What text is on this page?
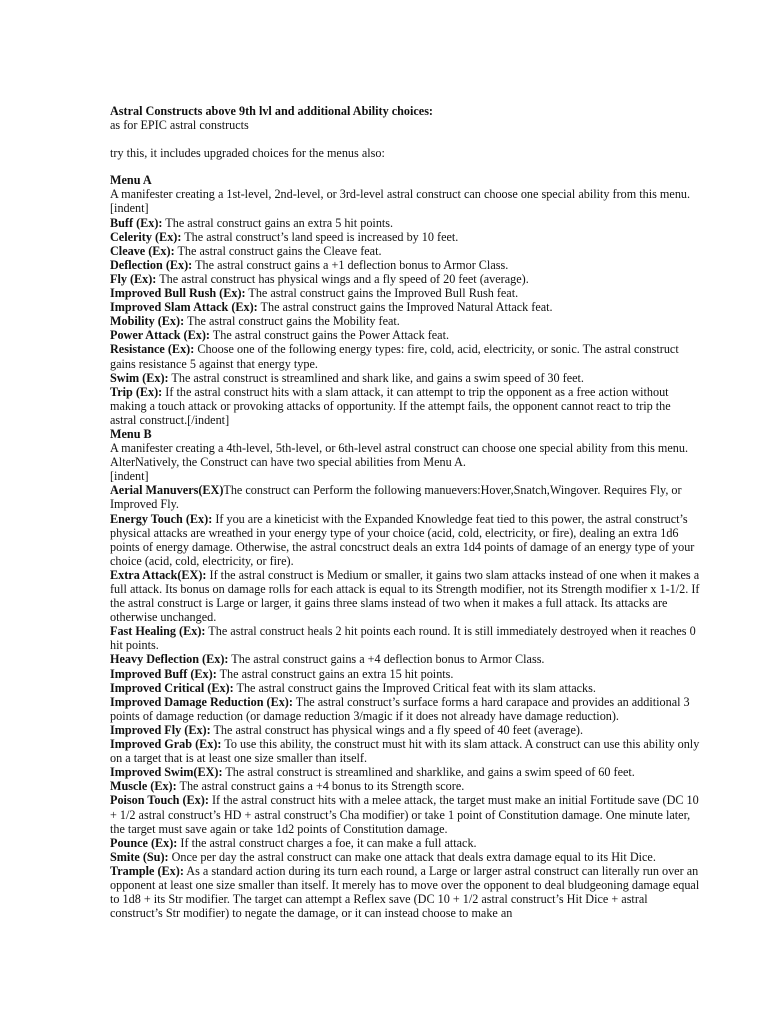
Astral Constructs above 9th lvl and additional Ability choices:

as for EPIC astral constructs

try this, it includes upgraded choices for the menus also:

Menu A

A manifester creating a 1st-level, 2nd-level, or 3rd-level astral construct can choose one special ability from this menu.

[indent]

Buff (Ex): The astral construct gains an extra 5 hit points.

Celerity (Ex): The astral construct’s land speed is increased by 10 feet.

Cleave (Ex): The astral construct gains the Cleave feat.

Deflection (Ex): The astral construct gains a +1 deflection bonus to Armor Class.

Fly (Ex): The astral construct has physical wings and a fly speed of 20 feet (average).

Improved Bull Rush (Ex): The astral construct gains the Improved Bull Rush feat.

Improved Slam Attack (Ex): The astral construct gains the Improved Natural Attack feat.

Mobility (Ex): The astral construct gains the Mobility feat.

Power Attack (Ex): The astral construct gains the Power Attack feat.

Resistance (Ex): Choose one of the following energy types: fire, cold, acid, electricity, or sonic. The astral construct gains resistance 5 against that energy type.

Swim (Ex): The astral construct is streamlined and shark like, and gains a swim speed of 30 feet.

Trip (Ex): If the astral construct hits with a slam attack, it can attempt to trip the opponent as a free action without making a touch attack or provoking attacks of opportunity. If the attempt fails, the opponent cannot react to trip the astral construct.[/indent]

Menu B

A manifester creating a 4th-level, 5th-level, or 6th-level astral construct can choose one special ability from this menu. AlterNatively, the Construct can have two special abilities from Menu A.

[indent]

Aerial Manuvers(EX)The construct can Perform the following manuevers:Hover,Snatch,Wingover. Requires Fly, or Improved Fly.

Energy Touch (Ex): If you are a kineticist with the Expanded Knowledge feat tied to this power, the astral construct’s physical attacks are wreathed in your energy type of your choice (acid, cold, electricity, or fire), dealing an extra 1d6 points of energy damage. Otherwise, the astral concstruct deals an extra 1d4 points of damage of an energy type of your choice (acid, cold, electricity, or fire).

Extra Attack(EX): If the astral construct is Medium or smaller, it gains two slam attacks instead of one when it makes a full attack. Its bonus on damage rolls for each attack is equal to its Strength modifier, not its Strength modifier x 1-1/2. If the astral construct is Large or larger, it gains three slams instead of two when it makes a full attack. Its attacks are otherwise unchanged.

Fast Healing (Ex): The astral construct heals 2 hit points each round. It is still immediately destroyed when it reaches 0 hit points.

Heavy Deflection (Ex): The astral construct gains a +4 deflection bonus to Armor Class.

Improved Buff (Ex): The astral construct gains an extra 15 hit points.

Improved Critical (Ex): The astral construct gains the Improved Critical feat with its slam attacks.

Improved Damage Reduction (Ex): The astral construct’s surface forms a hard carapace and provides an additional 3 points of damage reduction (or damage reduction 3/magic if it does not already have damage reduction).

Improved Fly (Ex): The astral construct has physical wings and a fly speed of 40 feet (average).

Improved Grab (Ex): To use this ability, the construct must hit with its slam attack. A construct can use this ability only on a target that is at least one size smaller than itself.

Improved Swim(EX): The astral construct is streamlined and sharklike, and gains a swim speed of 60 feet.

Muscle (Ex): The astral construct gains a +4 bonus to its Strength score.

Poison Touch (Ex): If the astral construct hits with a melee attack, the target must make an initial Fortitude save (DC 10 + 1/2 astral construct’s HD + astral construct’s Cha modifier) or take 1 point of Constitution damage. One minute later, the target must save again or take 1d2 points of Constitution damage.

Pounce (Ex): If the astral construct charges a foe, it can make a full attack.

Smite (Su): Once per day the astral construct can make one attack that deals extra damage equal to its Hit Dice.

Trample (Ex): As a standard action during its turn each round, a Large or larger astral construct can literally run over an opponent at least one size smaller than itself. It merely has to move over the opponent to deal bludgeoning damage equal to 1d8 + its Str modifier. The target can attempt a Reflex save (DC 10 + 1/2 astral construct’s Hit Dice + astral construct’s Str modifier) to negate the damage, or it can instead choose to make an
